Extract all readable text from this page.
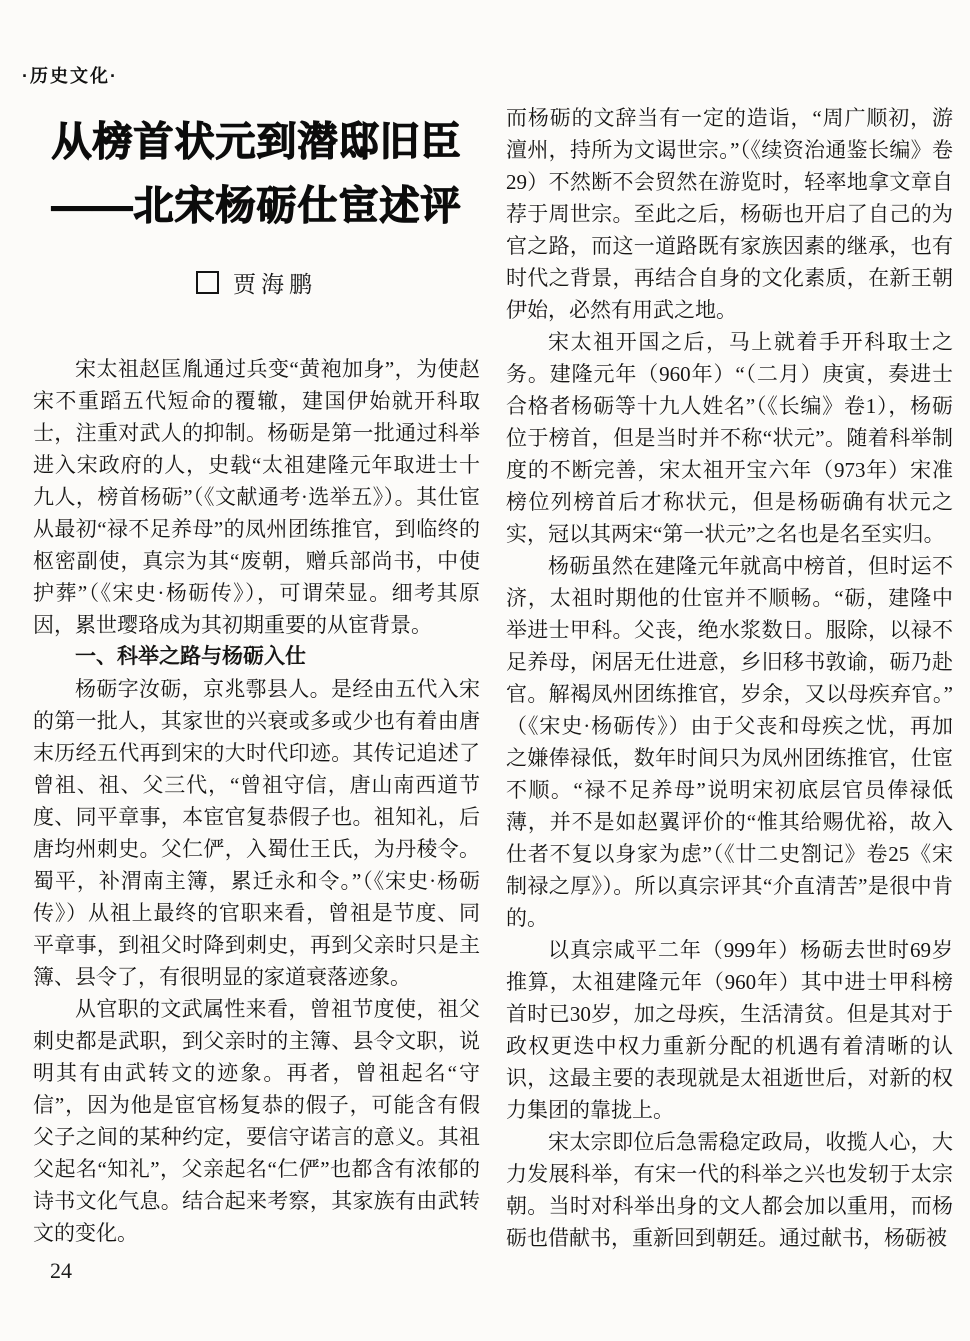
·历史文化·
从榜首状元到潜邸旧臣
——北宋杨砺仕宦述评
贾海鹏

宋太祖赵匡胤通过兵变“黄袍加身”，为使赵宋不重蹈五代短命的覆辙，建国伊始就开科取士，注重对武人的抑制。杨砺是第一批通过科举进入宋政府的人，史载“太祖建隆元年取进士十九人，榜首杨砺”（《文献通考·选举五》）。其仕宦从最初“禄不足养母”的凤州团练推官，到临终的枢密副使，真宗为其“废朝，赠兵部尚书，中使护葬”（《宋史·杨砺传》），可谓荣显。细考其原因，累世璎珞成为其初期重要的从宦背景。

一、科举之路与杨砺入仕

杨砺字汝砺，京兆鄠县人。是经由五代入宋的第一批人，其家世的兴衰或多或少也有着由唐末历经五代再到宋的大时代印迹。其传记追述了曾祖、祖、父三代，“曾祖守信，唐山南西道节度、同平章事，本宦官复恭假子也。祖知礼，后唐均州刺史。父仁俨，入蜀仕王氏，为丹稜令。蜀平，补渭南主簿，累迁永和令。”（《宋史·杨砺传》）从祖上最终的官职来看，曾祖是节度、同平章事，到祖父时降到刺史，再到父亲时只是主簿、县令了，有很明显的家道衰落迹象。

从官职的文武属性来看，曾祖节度使，祖父刺史都是武职，到父亲时的主簿、县令文职，说明其有由武转文的迹象。再者，曾祖起名“守信”，因为他是宦官杨复恭的假子，可能含有假父子之间的某种约定，要信守诺言的意义。其祖父起名“知礼”，父亲起名“仁俨”也都含有浓郁的诗书文化气息。结合起来考察，其家族有由武转文的变化。

而杨砺的文辞当有一定的造诣，“周广顺初，游澶州，持所为文谒世宗。”（《续资治通鉴长编》卷29）不然断不会贸然在游览时，轻率地拿文章自荐于周世宗。至此之后，杨砺也开启了自己的为官之路，而这一道路既有家族因素的继承，也有时代之背景，再结合自身的文化素质，在新王朝伊始，必然有用武之地。

宋太祖开国之后，马上就着手开科取士之务。建隆元年（960年）“（二月）庚寅，奏进士合格者杨砺等十九人姓名”（《长编》卷1），杨砺位于榜首，但是当时并不称“状元”。随着科举制度的不断完善，宋太祖开宝六年（973年）宋准榜位列榜首后才称状元，但是杨砺确有状元之实，冠以其两宋“第一状元”之名也是名至实归。

杨砺虽然在建隆元年就高中榜首，但时运不济，太祖时期他的仕宦并不顺畅。“砺，建隆中举进士甲科。父丧，绝水浆数日。服除，以禄不足养母，闲居无仕进意，乡旧移书敦谕，砺乃赴官。解褐凤州团练推官，岁余，又以母疾弃官。”（《宋史·杨砺传》）由于父丧和母疾之忧，再加之嫌俸禄低，数年时间只为凤州团练推官，仕宦不顺。“禄不足养母”说明宋初底层官员俸禄低薄，并不是如赵翼评价的“惟其给赐优裕，故入仕者不复以身家为虑”（《廿二史劄记》卷25《宋制禄之厚》）。所以真宗评其“介直清苦”是很中肯的。

以真宗咸平二年（999年）杨砺去世时69岁推算，太祖建隆元年（960年）其中进士甲科榜首时已30岁，加之母疾，生活清贫。但是其对于政权更迭中权力重新分配的机遇有着清晰的认识，这最主要的表现就是太祖逝世后，对新的权力集团的靠拢上。

宋太宗即位后急需稳定政局，收揽人心，大力发展科举，有宋一代的科举之兴也发轫于太宗朝。当时对科举出身的文人都会加以重用，而杨砺也借献书，重新回到朝廷。通过献书，杨砺被

24
